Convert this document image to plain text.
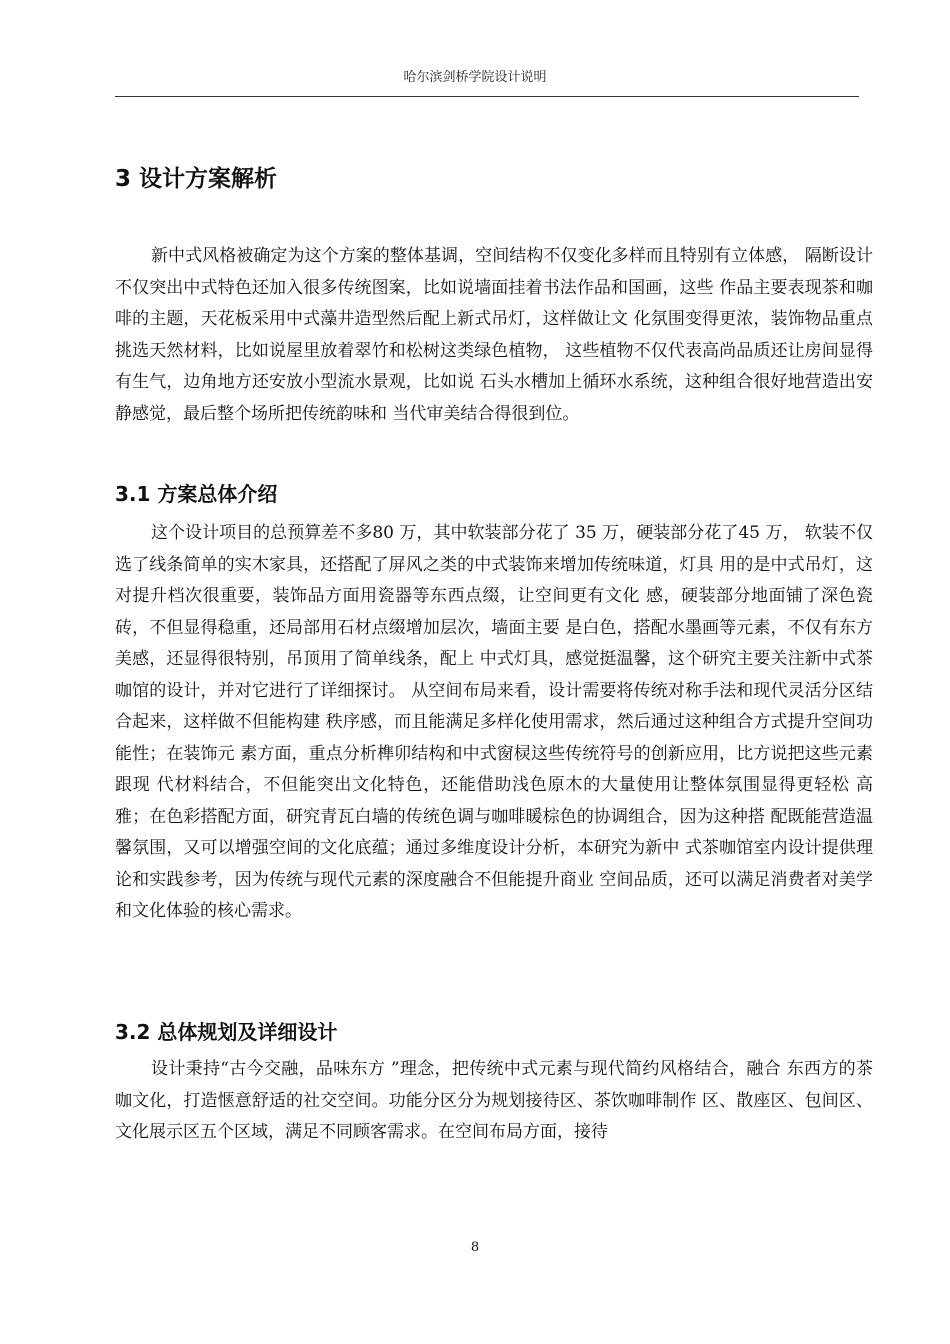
哈尔滨剑桥学院设计说明
3 设计方案解析

新中式风格被确定为这个方案的整体基调，空间结构不仅变化多样而且特别有立体感， 隔断设计不仅突出中式特色还加入很多传统图案，比如说墙面挂着书法作品和国画，这些 作品主要表现茶和咖啡的主题，天花板采用中式藻井造型然后配上新式吊灯，这样做让文 化氛围变得更浓，装饰物品重点挑选天然材料，比如说屋里放着翠竹和松树这类绿色植物， 这些植物不仅代表高尚品质还让房间显得有生气，边角地方还安放小型流水景观，比如说 石头水槽加上循环水系统，这种组合很好地营造出安静感觉，最后整个场所把传统韵味和 当代审美结合得很到位。

3.1 方案总体介绍

这个设计项目的总预算差不多80 万，其中软装部分花了 35 万，硬装部分花了45 万， 软装不仅选了线条简单的实木家具，还搭配了屏风之类的中式装饰来增加传统味道，灯具 用的是中式吊灯，这对提升档次很重要，装饰品方面用瓷器等东西点缀，让空间更有文化 感，硬装部分地面铺了深色瓷砖，不但显得稳重，还局部用石材点缀增加层次，墙面主要 是白色，搭配水墨画等元素，不仅有东方美感，还显得很特别，吊顶用了简单线条，配上 中式灯具，感觉挺温馨，这个研究主要关注新中式茶咖馆的设计，并对它进行了详细探讨。 从空间布局来看，设计需要将传统对称手法和现代灵活分区结合起来，这样做不但能构建 秩序感，而且能满足多样化使用需求，然后通过这种组合方式提升空间功能性；在装饰元 素方面，重点分析榫卯结构和中式窗棂这些传统符号的创新应用，比方说把这些元素跟现 代材料结合，不但能突出文化特色，还能借助浅色原木的大量使用让整体氛围显得更轻松 高雅；在色彩搭配方面，研究青瓦白墙的传统色调与咖啡暖棕色的协调组合，因为这种搭 配既能营造温馨氛围，又可以增强空间的文化底蕴；通过多维度设计分析，本研究为新中 式茶咖馆室内设计提供理论和实践参考，因为传统与现代元素的深度融合不但能提升商业 空间品质，还可以满足消费者对美学和文化体验的核心需求。

3.2 总体规划及详细设计

设计秉持“古今交融，品味东方 ”理念，把传统中式元素与现代简约风格结合，融合 东西方的茶咖文化，打造惬意舒适的社交空间。功能分区分为规划接待区、茶饮咖啡制作 区、散座区、包间区、文化展示区五个区域，满足不同顾客需求。在空间布局方面，接待

8
